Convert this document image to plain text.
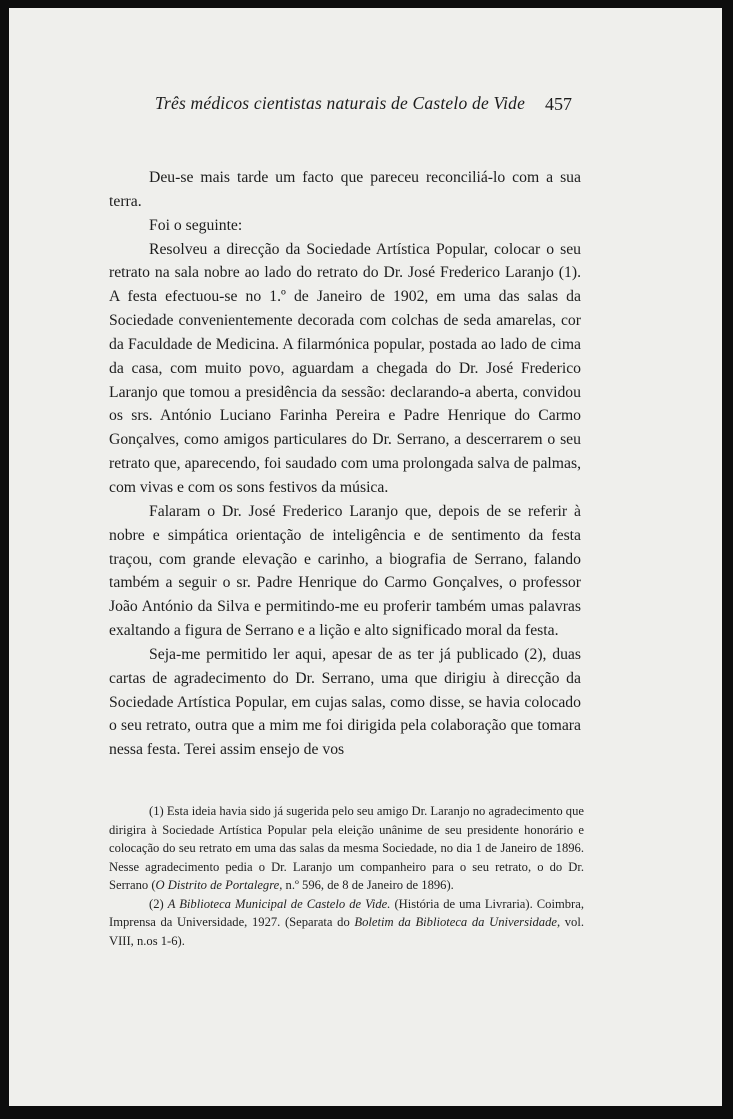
Três médicos cientistas naturais de Castelo de Vide	457

Deu-se mais tarde um facto que pareceu reconciliá-lo com a sua terra.

Foi o seguinte:

Resolveu a direcção da Sociedade Artística Popular, colocar o seu retrato na sala nobre ao lado do retrato do Dr. José Frederico Laranjo (1). A festa efectuou-se no 1.º de Janeiro de 1902, em uma das salas da Sociedade convenientemente decorada com colchas de seda amarelas, cor da Faculdade de Medicina. A filarmónica popular, postada ao lado de cima da casa, com muito povo, aguardam a chegada do Dr. José Frederico Laranjo que tomou a presidência da sessão: declarando-a aberta, convidou os srs. António Luciano Farinha Pereira e Padre Henrique do Carmo Gonçalves, como amigos particulares do Dr. Serrano, a descerrarem o seu retrato que, aparecendo, foi saudado com uma prolongada salva de palmas, com vivas e com os sons festivos da música.

Falaram o Dr. José Frederico Laranjo que, depois de se referir à nobre e simpática orientação de inteligência e de sentimento da festa traçou, com grande elevação e carinho, a biografia de Serrano, falando também a seguir o sr. Padre Henrique do Carmo Gonçalves, o professor João António da Silva e permitindo-me eu proferir também umas palavras exaltando a figura de Serrano e a lição e alto significado moral da festa.

Seja-me permitido ler aqui, apesar de as ter já publicado (2), duas cartas de agradecimento do Dr. Serrano, uma que dirigiu à direcção da Sociedade Artística Popular, em cujas salas, como disse, se havia colocado o seu retrato, outra que a mim me foi dirigida pela colaboração que tomara nessa festa. Terei assim ensejo de vos

(1) Esta ideia havia sido já sugerida pelo seu amigo Dr. Laranjo no agradecimento que dirigira à Sociedade Artística Popular pela eleição unânime de seu presidente honorário e colocação do seu retrato em uma das salas da mesma Sociedade, no dia 1 de Janeiro de 1896. Nesse agradecimento pedia o Dr. Laranjo um companheiro para o seu retrato, o do Dr. Serrano (O Distrito de Portalegre, n.º 596, de 8 de Janeiro de 1896).

(2) A Biblioteca Municipal de Castelo de Vide. (História de uma Livraria). Coimbra, Imprensa da Universidade, 1927. (Separata do Boletim da Biblioteca da Universidade, vol. VIII, n.os 1-6).
